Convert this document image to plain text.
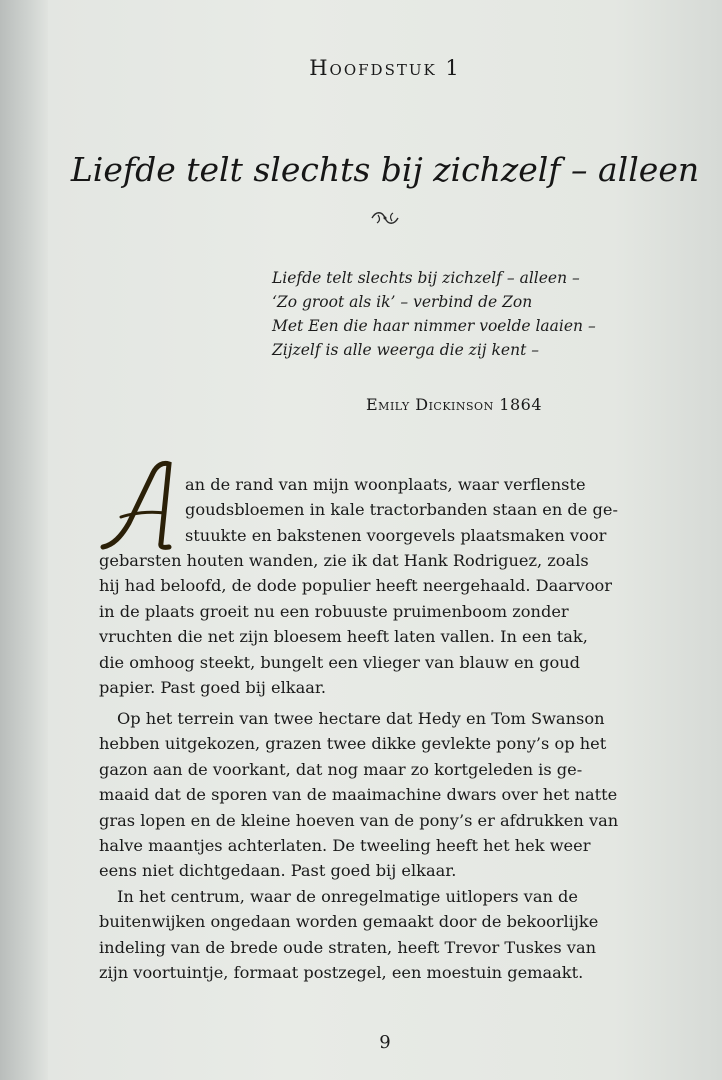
Hoofdstuk 1
Liefde telt slechts bij zichzelf – alleen
Liefde telt slechts bij zichzelf – alleen –
‘Zo groot als ik’ – verbind de Zon
Met Een die haar nimmer voelde laaien –
Zijzelf is alle weerga die zij kent –
Emily Dickinson 1864
A
an de rand van mijn woonplaats, waar verflenste
goudsbloemen in kale tractorbanden staan en de ge-
stuukte en bakstenen voorgevels plaatsmaken voor
gebarsten houten wanden, zie ik dat Hank Rodriguez, zoals
hij had beloofd, de dode populier heeft neergehaald. Daarvoor
in de plaats groeit nu een robuuste pruimenboom zonder
vruchten die net zijn bloesem heeft laten vallen. In een tak,
die omhoog steekt, bungelt een vlieger van blauw en goud
papier. Past goed bij elkaar.
Op het terrein van twee hectare dat Hedy en Tom Swanson
hebben uitgekozen, grazen twee dikke gevlekte pony’s op het
gazon aan de voorkant, dat nog maar zo kortgeleden is ge-
maaid dat de sporen van de maaimachine dwars over het natte
gras lopen en de kleine hoeven van de pony’s er afdrukken van
halve maantjes achterlaten. De tweeling heeft het hek weer
eens niet dichtgedaan. Past goed bij elkaar.
In het centrum, waar de onregelmatige uitlopers van de
buitenwijken ongedaan worden gemaakt door de bekoorlijke
indeling van de brede oude straten, heeft Trevor Tuskes van
zijn voortuintje, formaat postzegel, een moestuin gemaakt.
9
